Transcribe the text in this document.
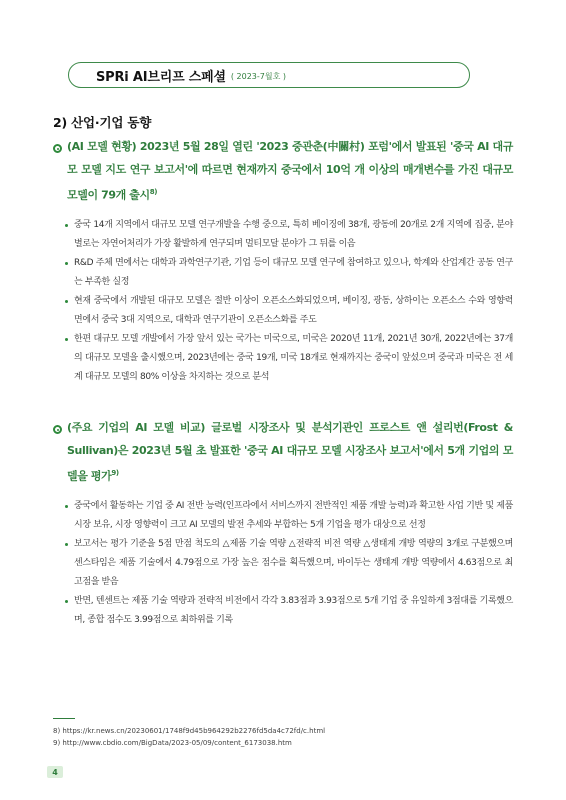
SPRi AI브리프 스페셜 ( 2023-7월호 )
2) 산업·기업 동향

(AI 모델 현황) 2023년 5월 28일 열린 '2023 중관춘(中關村) 포럼'에서 발표된 '중국 AI 대규모 모델 지도 연구 보고서'에 따르면 현재까지 중국에서 10억 개 이상의 매개변수를 가진 대규모 모델이 79개 출시$^{8)}$

중국 14개 지역에서 대규모 모델 연구개발을 수행 중으로, 특히 베이징에 38개, 광동에 20개로 2개 지역에 집중, 분야 별로는 자연어처리가 가장 활발하게 연구되며 멀티모달 분야가 그 뒤를 이음
R&D 주체 면에서는 대학과 과학연구기관, 기업 등이 대규모 모델 연구에 참여하고 있으나, 학계와 산업계간 공동 연구는 부족한 실정
현재 중국에서 개발된 대규모 모델은 절반 이상이 오픈소스화되었으며, 베이징, 광동, 상하이는 오픈소스 수와 영향력 면에서 중국 3대 지역으로, 대학과 연구기관이 오픈소스화를 주도
한편 대규모 모델 개발에서 가장 앞서 있는 국가는 미국으로, 미국은 2020년 11개, 2021년 30개, 2022년에는 37개의 대규모 모델을 출시했으며, 2023년에는 중국 19개, 미국 18개로 현재까지는 중국이 앞섰으며 중국과 미국은 전 세계 대규모 모델의 80% 이상을 차지하는 것으로 분석

(주요 기업의 AI 모델 비교) 글로벌 시장조사 및 분석기관인 프로스트 앤 설리번(Frost & Sullivan)은 2023년 5월 초 발표한 '중국 AI 대규모 모델 시장조사 보고서'에서 5개 기업의 모델을 평가$^{9)}$

중국에서 활동하는 기업 중 AI 전반 능력(인프라에서 서비스까지 전반적인 제품 개발 능력)과 확고한 사업 기반 및 제품 시장 보유, 시장 영향력이 크고 AI 모델의 발전 추세와 부합하는 5개 기업을 평가 대상으로 선정
보고서는 평가 기준을 5점 만점 척도의 △제품 기술 역량 △전략적 비전 역량 △생태계 개방 역량의 3개로 구분했으며 센스타임은 제품 기술에서 4.79점으로 가장 높은 점수를 획득했으며, 바이두는 생태계 개방 역량에서 4.63점으로 최고점을 받음
반면, 텐센트는 제품 기술 역량과 전략적 비전에서 각각 3.83점과 3.93점으로 5개 기업 중 유일하게 3점대를 기록했으며, 종합 점수도 3.99점으로 최하위를 기록
8) https://kr.news.cn/20230601/1748f9d45b964292b2276fd5da4c72fd/c.html
9) http://www.cbdio.com/BigData/2023-05/09/content_6173038.htm
4
